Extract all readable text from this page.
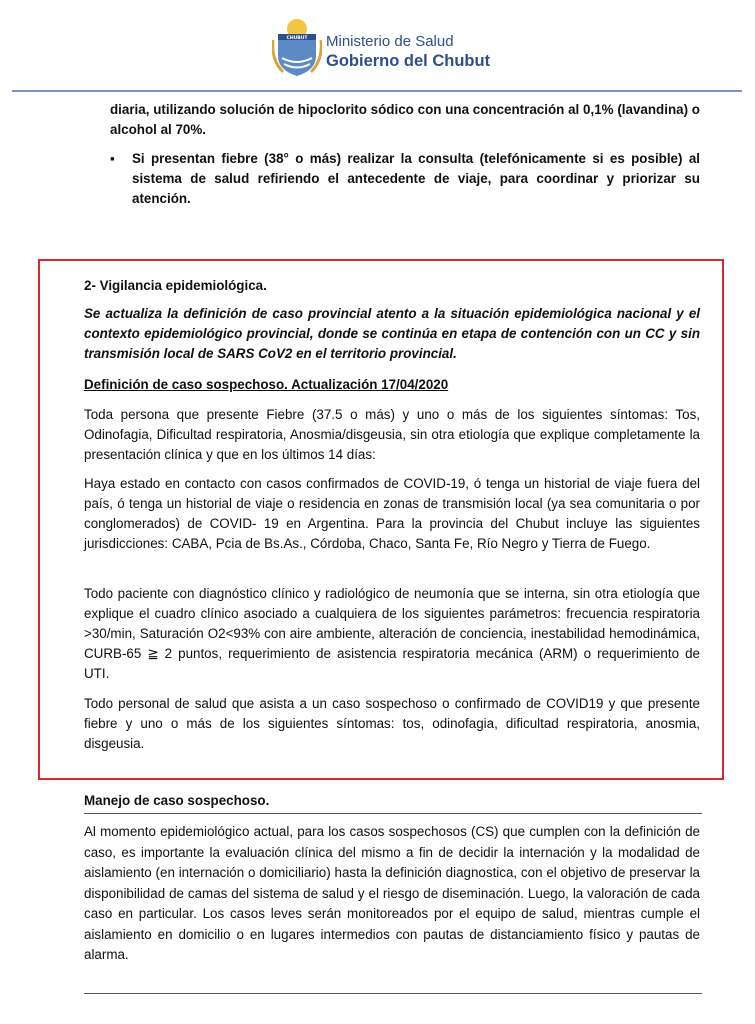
CHUBUT Ministerio de Salud
Gobierno del Chubut

diaria, utilizando solución de hipoclorito sódico con una concentración al 0,1% (lavandina) o alcohol al 70%.

▪ Si presentan fiebre (38° o más) realizar la consulta (telefónicamente si es posible) al sistema de salud refiriendo el antecedente de viaje, para coordinar y priorizar su atención.

2- Vigilancia epidemiológica.
Se actualiza la definición de caso provincial atento a la situación epidemiológica nacional y el contexto epidemiológico provincial, donde se continúa en etapa de contención con un CC y sin transmisión local de SARS CoV2 en el territorio provincial.
Definición de caso sospechoso. Actualización 17/04/2020

Toda persona que presente Fiebre (37.5 o más) y uno o más de los siguientes síntomas: Tos, Odinofagia, Dificultad respiratoria, Anosmia/disgeusia, sin otra etiología que explique completamente la presentación clínica y que en los últimos 14 días:

Haya estado en contacto con casos confirmados de COVID-19, ó tenga un historial de viaje fuera del país, ó tenga un historial de viaje o residencia en zonas de transmisión local (ya sea comunitaria o por conglomerados) de COVID- 19 en Argentina. Para la provincia del Chubut incluye las siguientes jurisdicciones: CABA, Pcia de Bs.As., Córdoba, Chaco, Santa Fe, Río Negro y Tierra de Fuego.

Todo paciente con diagnóstico clínico y radiológico de neumonía que se interna, sin otra etiología que explique el cuadro clínico asociado a cualquiera de los siguientes parámetros: frecuencia respiratoria >30/min, Saturación O2<93% con aire ambiente, alteración de conciencia, inestabilidad hemodinámica, CURB-65 ≧ 2 puntos, requerimiento de asistencia respiratoria mecánica (ARM) o requerimiento de UTI.

Todo personal de salud que asista a un caso sospechoso o confirmado de COVID19 y que presente fiebre y uno o más de los siguientes síntomas: tos, odinofagia, dificultad respiratoria, anosmia, disgeusia.

Manejo de caso sospechoso.

Al momento epidemiológico actual, para los casos sospechosos (CS) que cumplen con la definición de caso, es importante la evaluación clínica del mismo a fin de decidir la internación y la modalidad de aislamiento (en internación o domiciliario) hasta la definición diagnostica, con el objetivo de preservar la disponibilidad de camas del sistema de salud y el riesgo de diseminación. Luego, la valoración de cada caso en particular. Los casos leves serán monitoreados por el equipo de salud, mientras cumple el aislamiento en domicilio o en lugares intermedios con pautas de distanciamiento físico y pautas de alarma.
